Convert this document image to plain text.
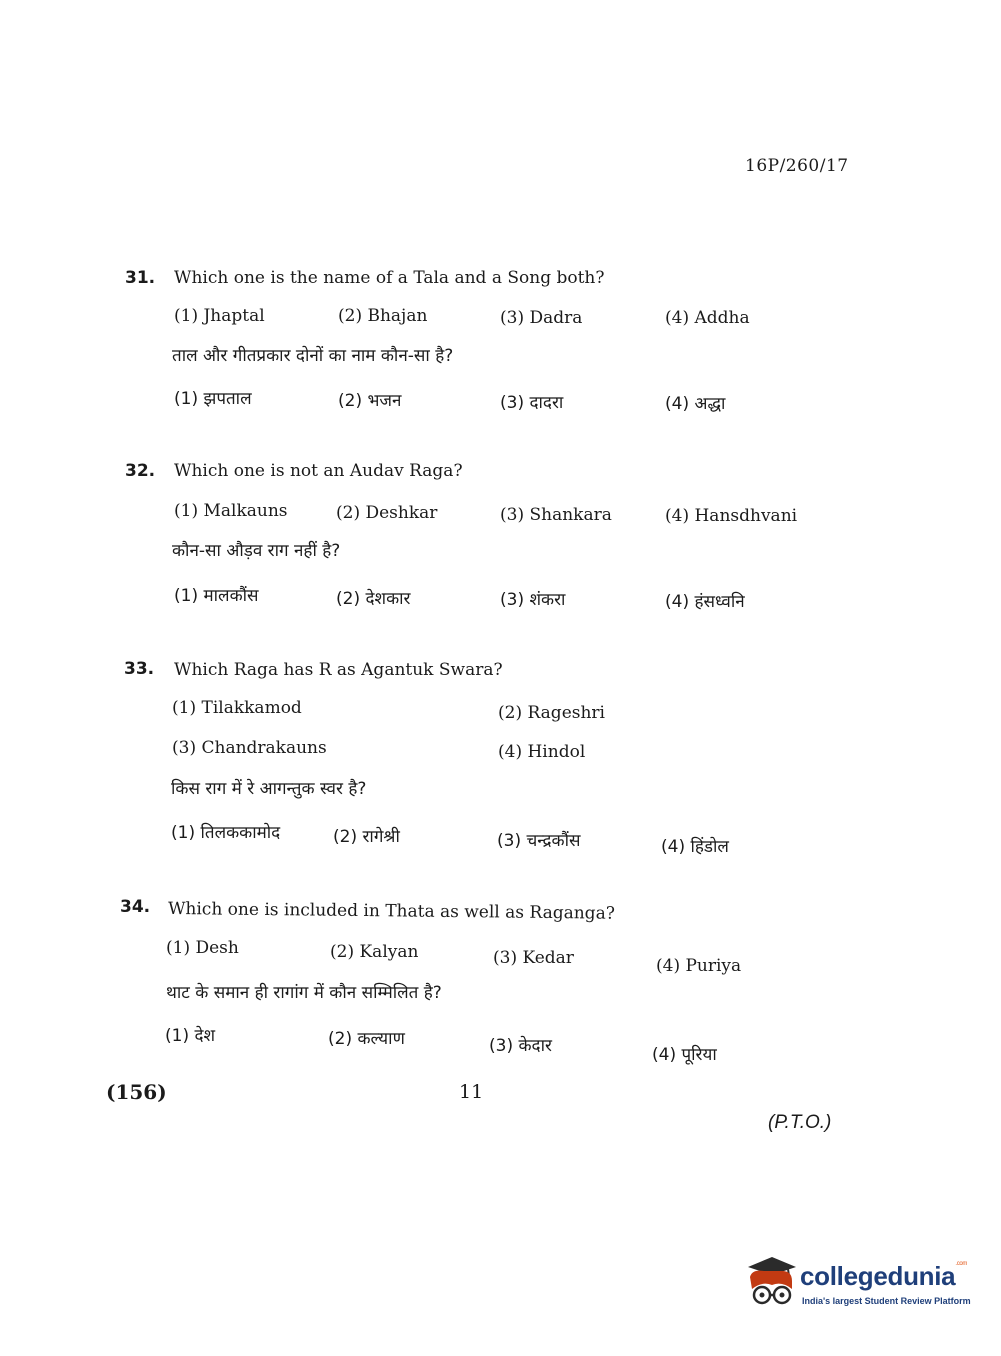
16P/260/17
31. Which one is the name of a Tala and a Song both?
(1) Jhaptal	(2) Bhajan	(3) Dadra	(4) Addha
ताल और गीतप्रकार दोनों का नाम कौन-सा है?
(1) झपताल	(2) भजन	(3) दादरा	(4) अद्धा
32. Which one is not an Audav Raga?
(1) Malkauns	(2) Deshkar	(3) Shankara	(4) Hansdhvani
कौन-सा औड़व राग नहीं है?
(1) मालकौंस	(2) देशकार	(3) शंकरा	(4) हंसध्वनि
33. Which Raga has R as Agantuk Swara?
(1) Tilakkamod	(2) Rageshri
(3) Chandrakauns	(4) Hindol
किस राग में रे आगन्तुक स्वर है?
(1) तिलककामोद	(2) रागेश्री	(3) चन्द्रकौंस	(4) हिंडोल
34. Which one is included in Thata as well as Raganga?
(1) Desh	(2) Kalyan	(3) Kedar	(4) Puriya
थाट के समान ही रागांग में कौन सम्मिलित है?
(1) देश	(2) कल्याण	(3) केदार	(4) पूरिया
(156)	11
(P.T.O.)
collegedunia$^{.com}$
India's largest Student Review Platform
